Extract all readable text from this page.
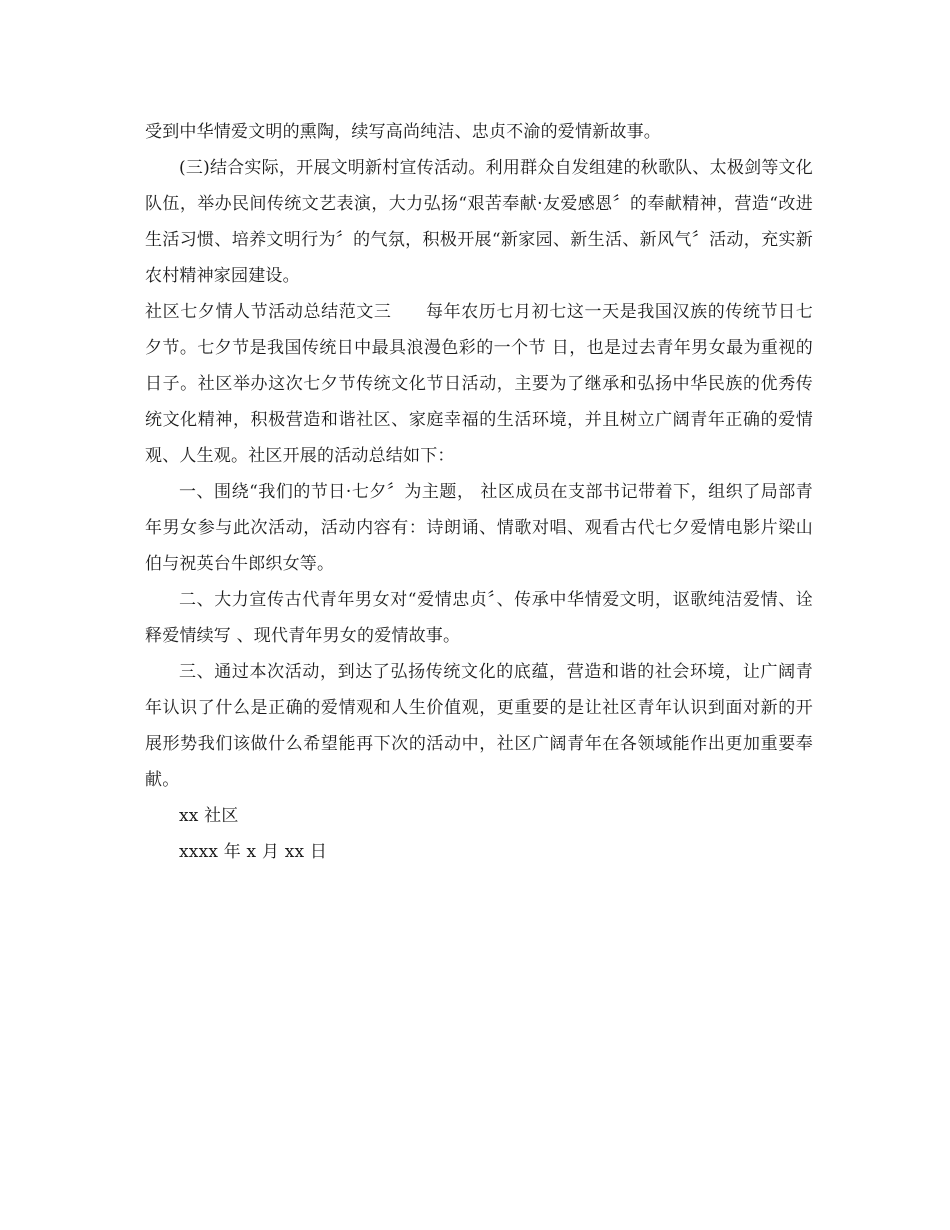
受到中华情爱文明的熏陶，续写高尚纯洁、忠贞不渝的爱情新故事。

(三)结合实际，开展文明新村宣传活动。利用群众自发组建的秋歌队、太极剑等文化队伍，举办民间传统文艺表演，大力弘扬“艰苦奉献·友爱感恩〞的奉献精神，营造“改进生活习惯、培养文明行为〞的气氛，积极开展“新家园、新生活、新风气〞活动，充实新农村精神家园建设。

社区七夕情人节活动总结范文三 每年农历七月初七这一天是我国汉族的传统节日七夕节。七夕节是我国传统日中最具浪漫色彩的一个节 日，也是过去青年男女最为重视的日子。社区举办这次七夕节传统文化节日活动，主要为了继承和弘扬中华民族的优秀传统文化精神，积极营造和谐社区、家庭幸福的生活环境，并且树立广阔青年正确的爱情观、人生观。社区开展的活动总结如下：

一、围绕“我们的节日·七夕〞为主题， 社区成员在支部书记带着下，组织了局部青年男女参与此次活动，活动内容有：诗朗诵、情歌对唱、观看古代七夕爱情电影片梁山伯与祝英台牛郎织女等。

二、大力宣传古代青年男女对“爱情忠贞〞、传承中华情爱文明，讴歌纯洁爱情、诠释爱情续写 、现代青年男女的爱情故事。

三、通过本次活动，到达了弘扬传统文化的底蕴，营造和谐的社会环境，让广阔青年认识了什么是正确的爱情观和人生价值观，更重要的是让社区青年认识到面对新的开展形势我们该做什么希望能再下次的活动中，社区广阔青年在各领域能作出更加重要奉献。

xx 社区

xxxx 年 x 月 xx 日
